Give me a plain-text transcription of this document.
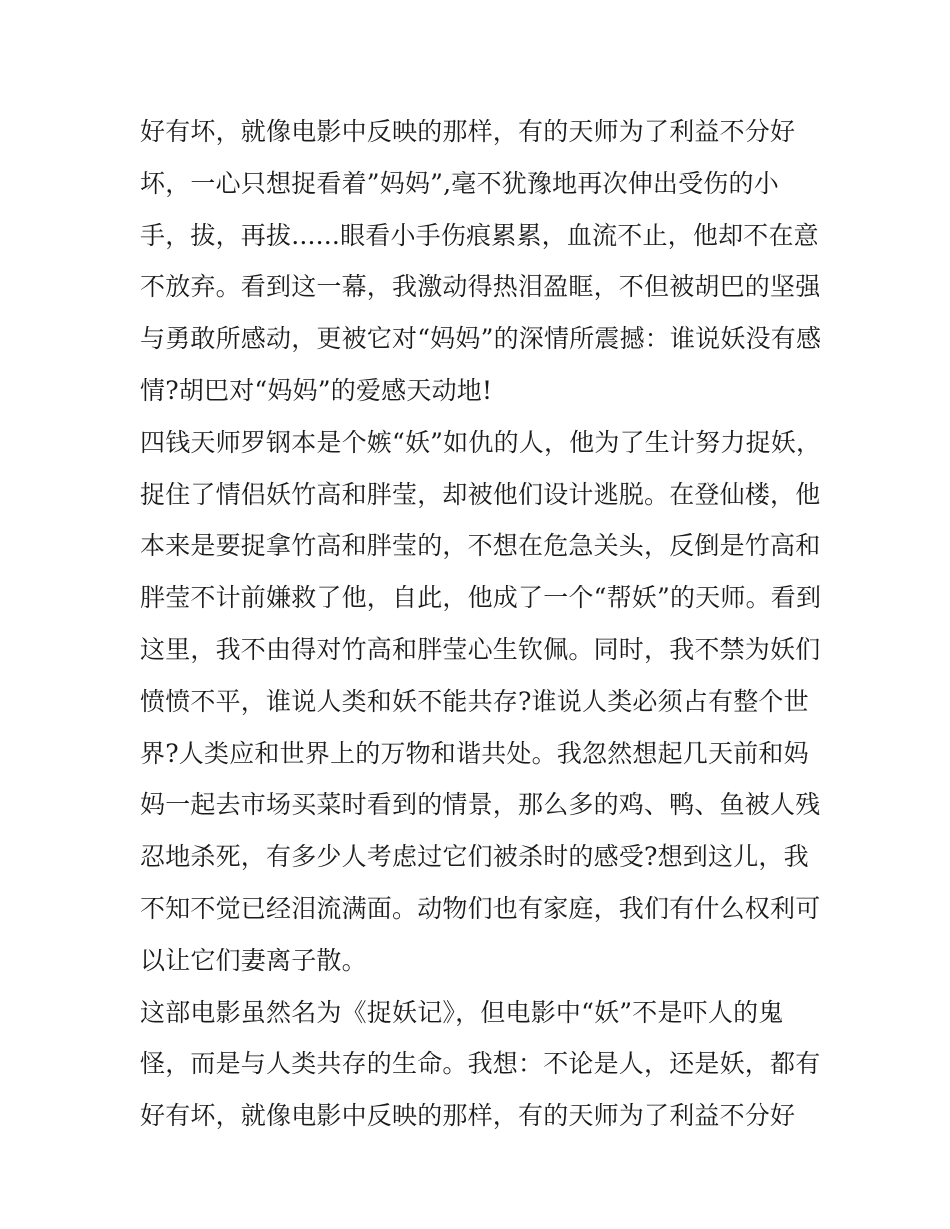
好有坏，就像电影中反映的那样，有的天师为了利益不分好
坏，一心只想捉看着”妈妈”,毫不犹豫地再次伸出受伤的小
手，拔，再拔......眼看小手伤痕累累，血流不止，他却不在意
不放弃。看到这一幕，我激动得热泪盈眶，不但被胡巴的坚强
与勇敢所感动，更被它对“妈妈”的深情所震撼：谁说妖没有感
情?胡巴对“妈妈”的爱感天动地!
四钱天师罗钢本是个嫉“妖”如仇的人，他为了生计努力捉妖，
捉住了情侣妖竹高和胖莹，却被他们设计逃脱。在登仙楼，他
本来是要捉拿竹高和胖莹的，不想在危急关头，反倒是竹高和
胖莹不计前嫌救了他，自此，他成了一个“帮妖”的天师。看到
这里，我不由得对竹高和胖莹心生钦佩。同时，我不禁为妖们
愤愤不平，谁说人类和妖不能共存?谁说人类必须占有整个世
界?人类应和世界上的万物和谐共处。我忽然想起几天前和妈
妈一起去市场买菜时看到的情景，那么多的鸡、鸭、鱼被人残
忍地杀死，有多少人考虑过它们被杀时的感受?想到这儿，我
不知不觉已经泪流满面。动物们也有家庭，我们有什么权利可
以让它们妻离子散。
这部电影虽然名为《捉妖记》，但电影中“妖”不是吓人的鬼
怪，而是与人类共存的生命。我想：不论是人，还是妖，都有
好有坏，就像电影中反映的那样，有的天师为了利益不分好
